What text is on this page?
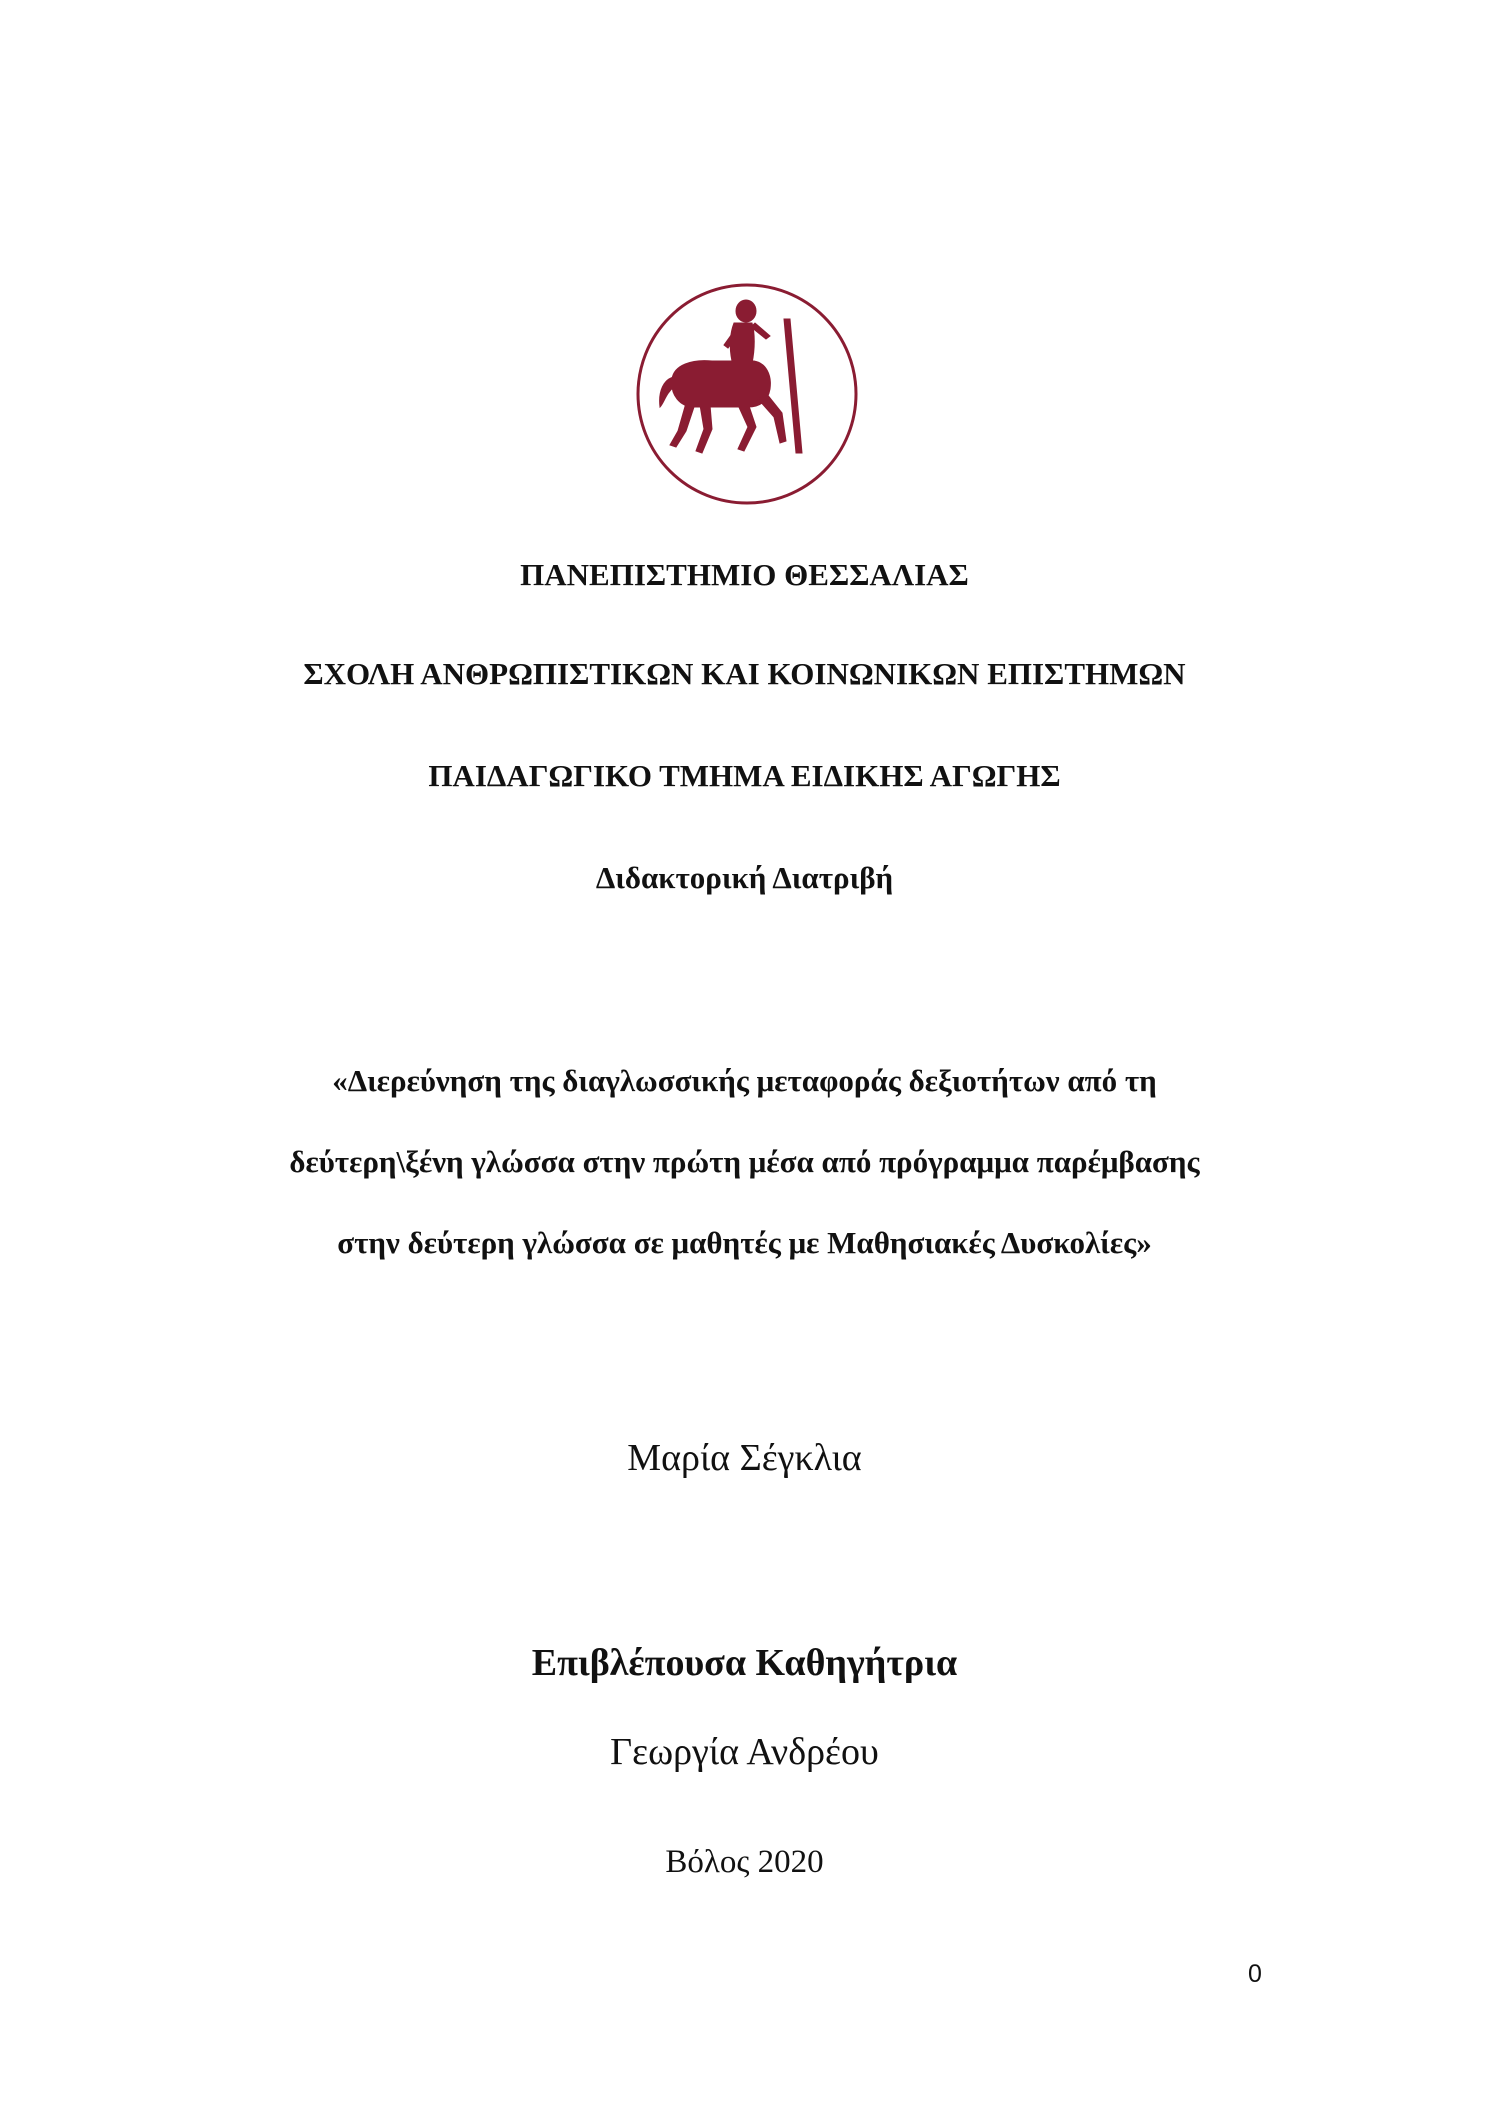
ΠΑΝΕΠΙΣΤΗΜΙΟ ΘΕΣΣΑΛΙΑΣ
ΣΧΟΛΗ ΑΝΘΡΩΠΙΣΤΙΚΩΝ ΚΑΙ ΚΟΙΝΩΝΙΚΩΝ ΕΠΙΣΤΗΜΩΝ
ΠΑΙΔΑΓΩΓΙΚΟ ΤΜΗΜΑ ΕΙΔΙΚΗΣ ΑΓΩΓΗΣ
Διδακτορική Διατριβή
«Διερεύνηση της διαγλωσσικής μεταφοράς δεξιοτήτων από τη
δεύτερη\ξένη γλώσσα στην πρώτη μέσα από πρόγραμμα παρέμβασης
στην δεύτερη γλώσσα σε μαθητές με Μαθησιακές Δυσκολίες»
Μαρία Σέγκλια
Επιβλέπουσα Καθηγήτρια
Γεωργία Ανδρέου
Βόλος 2020
0
